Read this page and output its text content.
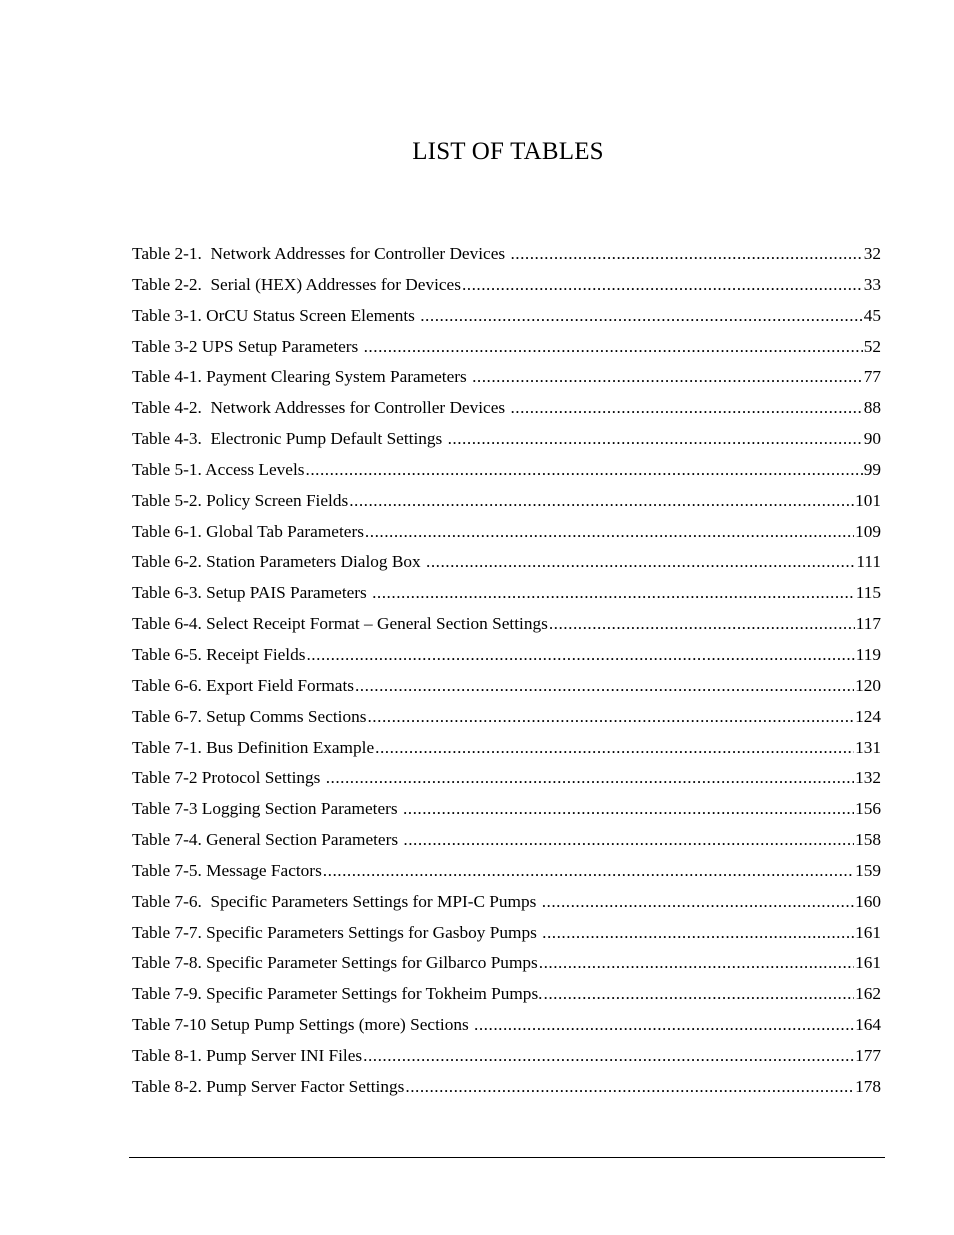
LIST OF TABLES
Table 2-1.  Network Addresses for Controller Devices .....	32
Table 2-2.  Serial (HEX) Addresses for Devices .....	33
Table 3-1. OrCU Status Screen Elements .....	45
Table 3-2 UPS Setup Parameters .....	52
Table 4-1. Payment Clearing System Parameters .....	77
Table 4-2.  Network Addresses for Controller Devices .....	88
Table 4-3.  Electronic Pump Default Settings .....	90
Table 5-1. Access Levels .....	99
Table 5-2. Policy Screen Fields .....	101
Table 6-1. Global Tab Parameters .....	109
Table 6-2. Station Parameters Dialog Box .....	111
Table 6-3. Setup PAIS Parameters .....	115
Table 6-4. Select Receipt Format – General Section Settings .....	117
Table 6-5. Receipt Fields .....	119
Table 6-6. Export Field Formats .....	120
Table 6-7. Setup Comms Sections .....	124
Table 7-1. Bus Definition Example .....	131
Table 7-2 Protocol Settings .....	132
Table 7-3 Logging Section Parameters .....	156
Table 7-4. General Section Parameters .....	158
Table 7-5. Message Factors .....	159
Table 7-6.  Specific Parameters Settings for MPI-C Pumps .....	160
Table 7-7. Specific Parameters Settings for Gasboy Pumps .....	161
Table 7-8. Specific Parameter Settings for Gilbarco Pumps .....	161
Table 7-9. Specific Parameter Settings for Tokheim Pumps. .....	162
Table 7-10 Setup Pump Settings (more) Sections .....	164
Table 8-1. Pump Server INI Files .....	177
Table 8-2. Pump Server Factor Settings .....	178
